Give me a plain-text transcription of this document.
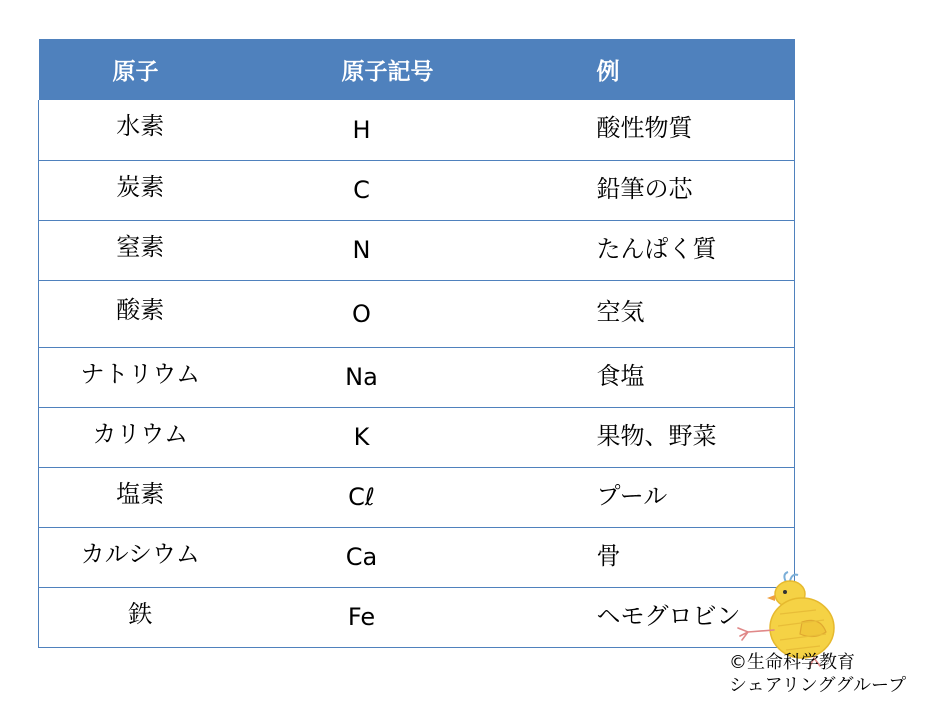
原子	原子記号	例
水素	H	酸性物質
炭素	C	鉛筆の芯
窒素	N	たんぱく質
酸素	O	空気
ナトリウム	Na	食塩
カリウム	K	果物、野菜
塩素	Cℓ	プール
カルシウム	Ca	骨
鉄	Fe	ヘモグロビン
©生命科学教育
シェアリンググループ
